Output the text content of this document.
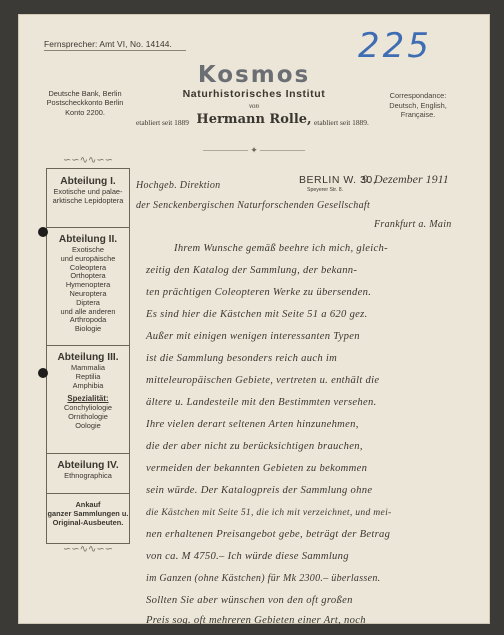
Fernsprecher: Amt VI, No. 14144.	225
Kosmos
Naturhistorisches Institut
von
Deutsche Bank, Berlin
Postscheckkonto Berlin
Konto 2200.
Correspondance:
Deutsch, English,
Française.
etabliert seit 1889 Hermann Rolle, etabliert seit 1889.
————— ✦ —————
∽∽∿∿∽∽
Abteilung I.
Exotische und palae-
arktische Lepidoptera
Abteilung II.
Exotische
und europäische
Coleoptera
Orthoptera
Hymenoptera
Neuroptera
Diptera
und alle anderen
Arthropoda
Biologie
Abteilung III.
Mammalia
Reptilia
Amphibia
Spezialität:
Conchyliologie
Ornithologie
Oologie
Abteilung IV.
Ethnographica
Ankauf
ganzer Sammlungen u.
Original-Ausbeuten.
∽∽∿∿∽∽
BERLIN W. 30,
Speyerer Str. 8.
9. Dezember 1911
Hochgeb. Direktion
der Senckenbergischen Naturforschenden Gesellschaft
Frankfurt a. Main
Ihrem Wunsche gemäß beehre ich mich, gleich-
zeitig den Katalog der Sammlung, der bekann-
ten prächtigen Coleopteren Werke zu übersenden.
Es sind hier die Kästchen mit Seite 51 a 620 gez.
Außer mit einigen wenigen interessanten Typen
ist die Sammlung besonders reich auch im
mitteleuropäischen Gebiete, vertreten u. enthält die
ältere u. Landesteile mit den Bestimmten versehen.
Ihre vielen derart seltenen Arten hinzunehmen,
die der aber nicht zu berücksichtigen brauchen,
vermeiden der bekannten Gebieten zu bekommen
sein würde. Der Katalogpreis der Sammlung ohne
die Kästchen mit Seite 51, die ich mit verzeichnet, und mei-
nen erhaltenen Preisangebot gebe, beträgt der Betrag
von ca. M 4750.– Ich würde diese Sammlung
im Ganzen (ohne Kästchen) für Mk 2300.– überlassen.
Sollten Sie aber wünschen von den oft großen
Preis sog. oft mehreren Gebieten einer Art, noch
